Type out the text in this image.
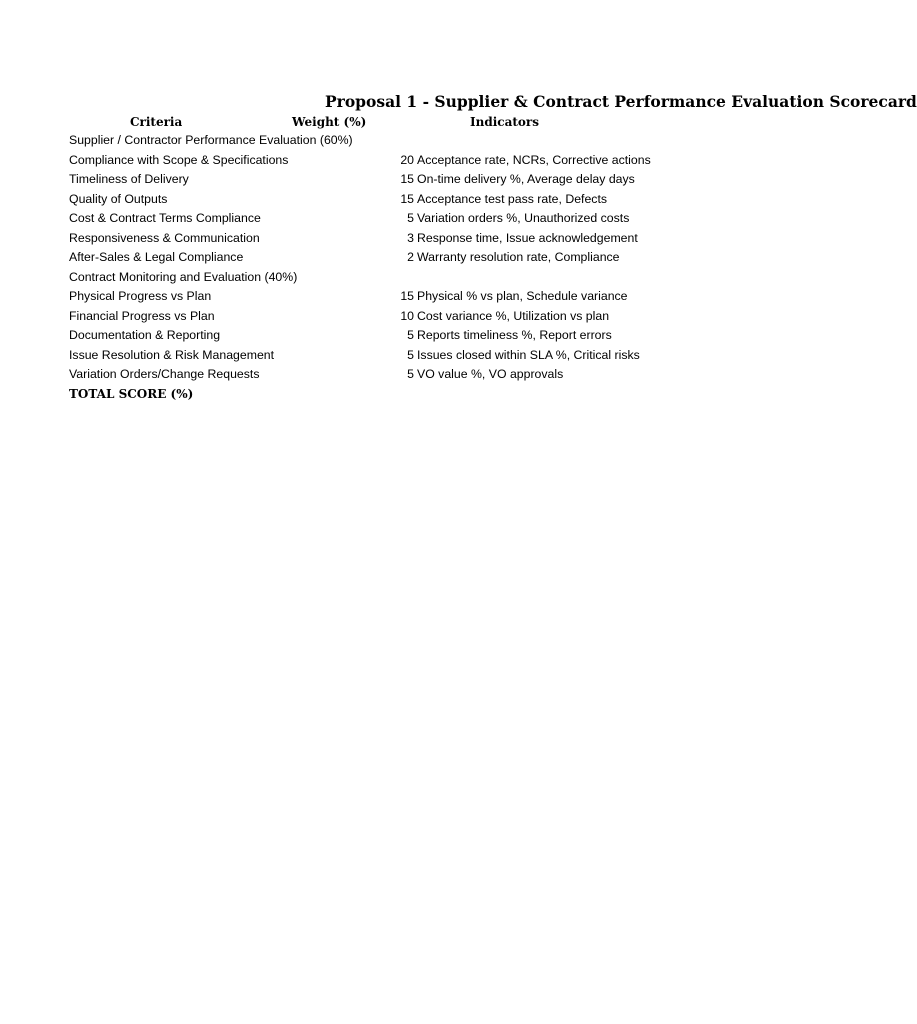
Proposal 1 - Supplier & Contract Performance Evaluation Scorecard
Criteria	Weight (%)	Indicators
Supplier / Contractor Performance Evaluation (60%)
Compliance with Scope & Specifications	20 Acceptance rate, NCRs, Corrective actions
Timeliness of Delivery	15 On-time delivery %, Average delay days
Quality of Outputs	15 Acceptance test pass rate, Defects
Cost & Contract Terms Compliance	5 Variation orders %, Unauthorized costs
Responsiveness & Communication	3 Response time, Issue acknowledgement
After-Sales & Legal Compliance	2 Warranty resolution rate, Compliance
Contract Monitoring and Evaluation (40%)
Physical Progress vs Plan	15 Physical % vs plan, Schedule variance
Financial Progress vs Plan	10 Cost variance %, Utilization vs plan
Documentation & Reporting	5 Reports timeliness %, Report errors
Issue Resolution & Risk Management	5 Issues closed within SLA %, Critical risks
Variation Orders/Change Requests	5 VO value %, VO approvals
TOTAL SCORE (%)
